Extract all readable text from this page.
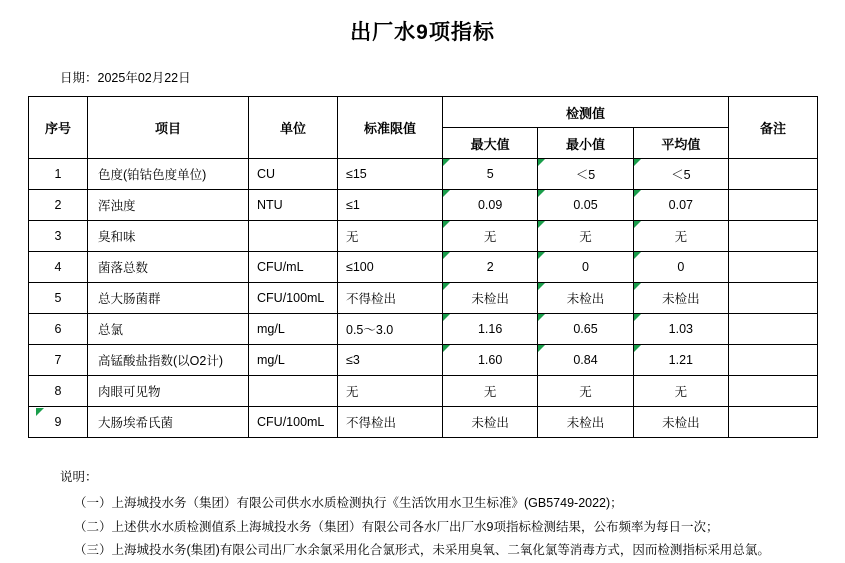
出厂水9项指标
日期：2025年02月22日
序号	项目	单位	标准限值	检测值			备注
				最大值	最小值	平均值	
1	色度(铂钴色度单位)	CU	≤15	5	＜5	＜5	
2	浑浊度	NTU	≤1	0.09	0.05	0.07	
3	臭和味		无	无	无	无	
4	菌落总数	CFU/mL	≤100	2	0	0	
5	总大肠菌群	CFU/100mL	不得检出	未检出	未检出	未检出	
6	总氯	mg/L	0.5～3.0	1.16	0.65	1.03	
7	高锰酸盐指数(以O2计)	mg/L	≤3	1.60	0.84	1.21	
8	肉眼可见物		无	无	无	无	
9	大肠埃希氏菌	CFU/100mL	不得检出	未检出	未检出	未检出	
说明：
（一）上海城投水务（集团）有限公司供水水质检测执行《生活饮用水卫生标准》(GB5749-2022)；
（二）上述供水水质检测值系上海城投水务（集团）有限公司各水厂出厂水9项指标检测结果，公布频率为每日一次；
（三）上海城投水务(集团)有限公司出厂水余氯采用化合氯形式，未采用臭氧、二氧化氯等消毒方式，因而检测指标采用总氯。
